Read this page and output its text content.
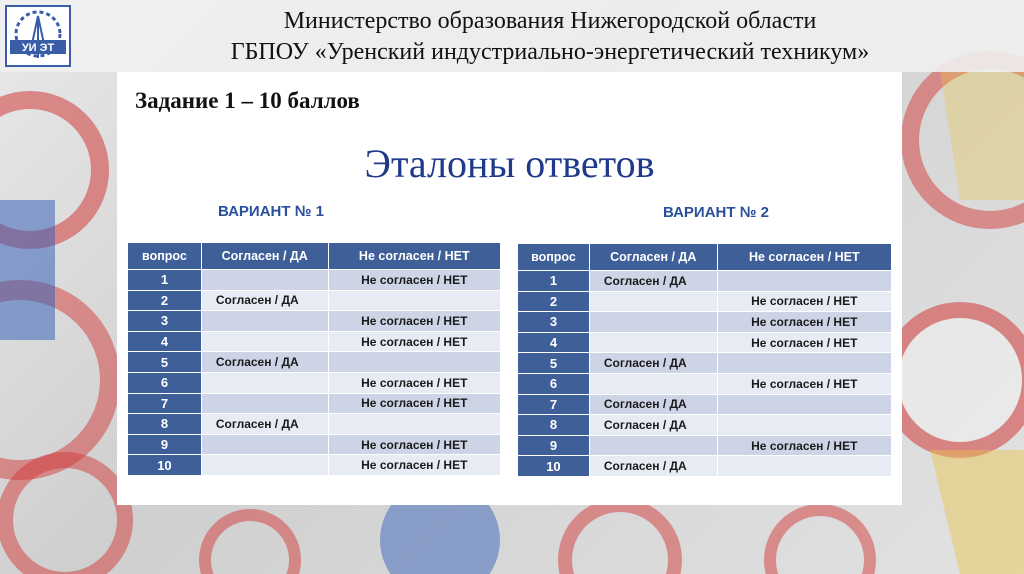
УИ ЭТ
Министерство образования Нижегородской области
ГБПОУ «Уренский индустриально-энергетический техникум»
Задание 1 – 10 баллов
Эталоны ответов
ВАРИАНТ № 1	ВАРИАНТ № 2
вопрос	Согласен / ДА	Не согласен / НЕТ
1		Не согласен / НЕТ
2	Согласен / ДА	
3		Не согласен / НЕТ
4		Не согласен / НЕТ
5	Согласен / ДА	
6		Не согласен / НЕТ
7		Не согласен / НЕТ
8	Согласен / ДА	
9		Не согласен / НЕТ
10		Не согласен / НЕТ
вопрос	Согласен / ДА	Не согласен / НЕТ
1	Согласен / ДА	
2		Не согласен / НЕТ
3		Не согласен / НЕТ
4		Не согласен / НЕТ
5	Согласен / ДА	
6		Не согласен / НЕТ
7	Согласен / ДА	
8	Согласен / ДА	
9		Не согласен / НЕТ
10	Согласен / ДА	
